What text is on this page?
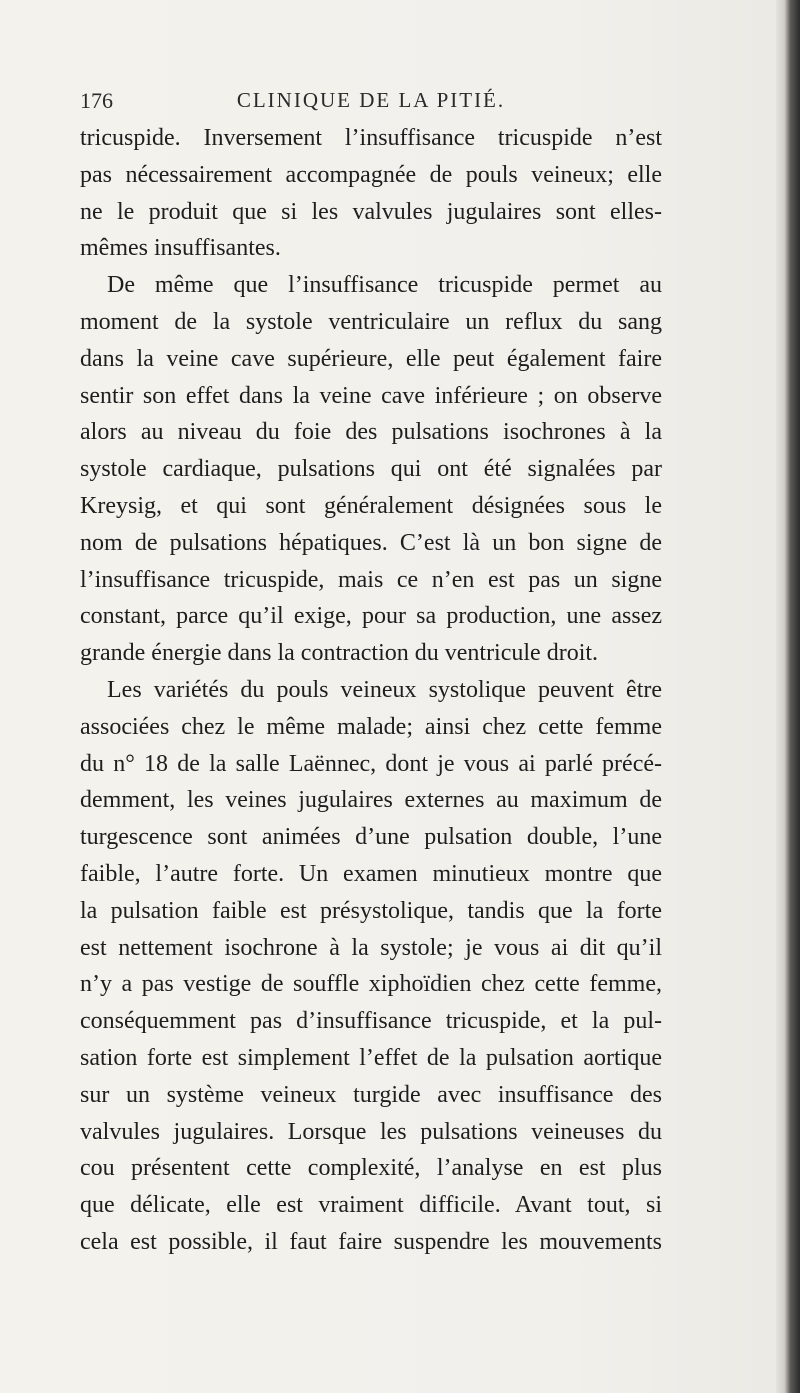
176	CLINIQUE DE LA PITIÉ.
tricuspide. Inversement l’insuffisance tricuspide n’est
pas nécessairement accompagnée de pouls veineux; elle
ne le produit que si les valvules jugulaires sont elles-
mêmes insuffisantes.
De même que l’insuffisance tricuspide permet au
moment de la systole ventriculaire un reflux du sang
dans la veine cave supérieure, elle peut également faire
sentir son effet dans la veine cave inférieure ; on observe
alors au niveau du foie des pulsations isochrones à la
systole cardiaque, pulsations qui ont été signalées par
Kreysig, et qui sont généralement désignées sous le
nom de pulsations hépatiques. C’est là un bon signe de
l’insuffisance tricuspide, mais ce n’en est pas un signe
constant, parce qu’il exige, pour sa production, une assez
grande énergie dans la contraction du ventricule droit.
Les variétés du pouls veineux systolique peuvent être
associées chez le même malade; ainsi chez cette femme
du n° 18 de la salle Laënnec, dont je vous ai parlé précé-
demment, les veines jugulaires externes au maximum de
turgescence sont animées d’une pulsation double, l’une
faible, l’autre forte. Un examen minutieux montre que
la pulsation faible est présystolique, tandis que la forte
est nettement isochrone à la systole; je vous ai dit qu’il
n’y a pas vestige de souffle xiphoïdien chez cette femme,
conséquemment pas d’insuffisance tricuspide, et la pul-
sation forte est simplement l’effet de la pulsation aortique
sur un système veineux turgide avec insuffisance des
valvules jugulaires. Lorsque les pulsations veineuses du
cou présentent cette complexité, l’analyse en est plus
que délicate, elle est vraiment difficile. Avant tout, si
cela est possible, il faut faire suspendre les mouvements
